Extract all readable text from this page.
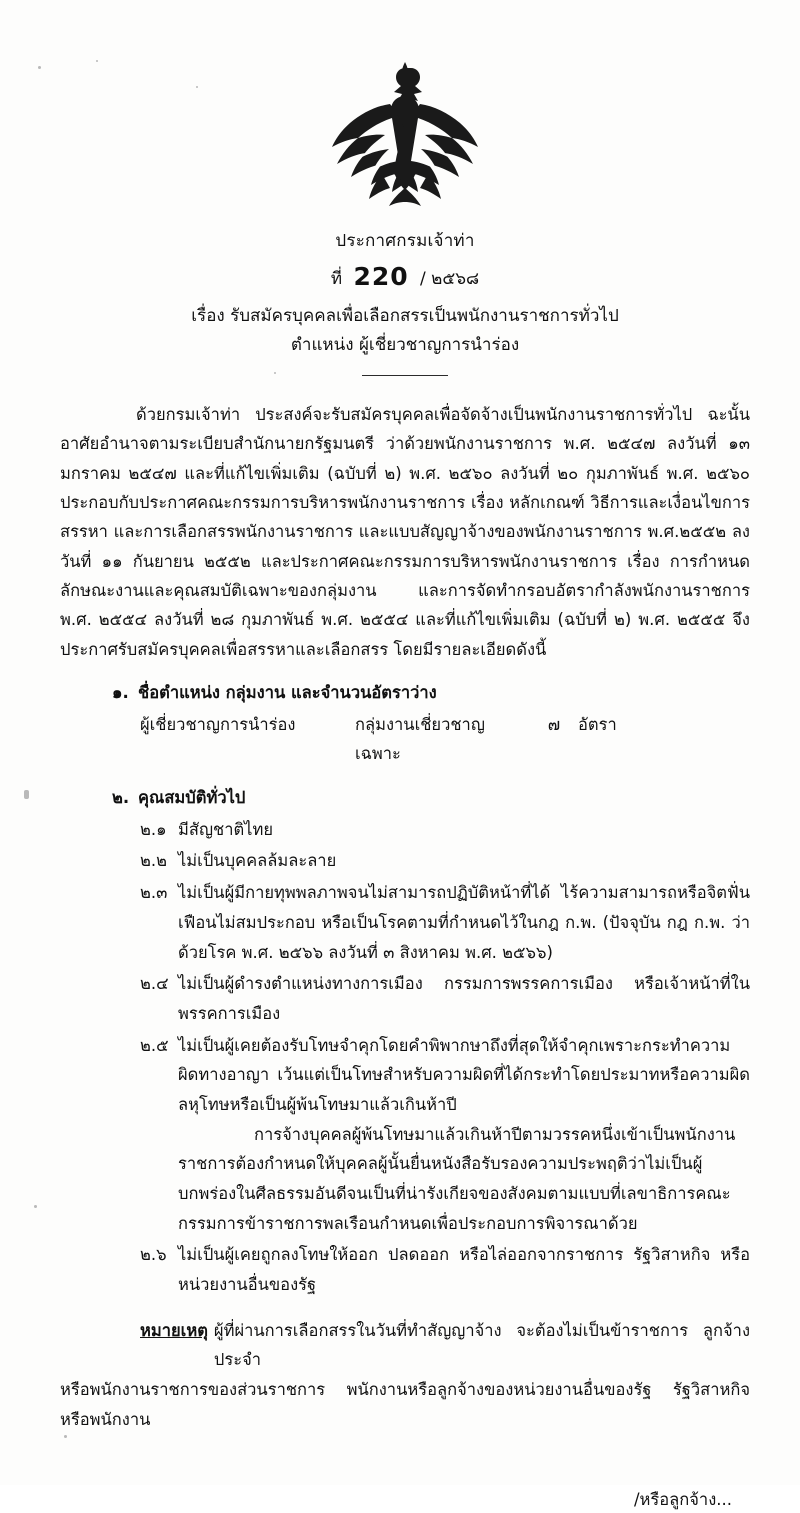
ประกาศกรมเจ้าท่า
ที่ 220 / ๒๕๖๘
เรื่อง รับสมัครบุคคลเพื่อเลือกสรรเป็นพนักงานราชการทั่วไป
ตำแหน่ง ผู้เชี่ยวชาญการนำร่อง

ด้วยกรมเจ้าท่า ประสงค์จะรับสมัครบุคคลเพื่อจัดจ้างเป็นพนักงานราชการทั่วไป ฉะนั้น อาศัยอำนาจตามระเบียบสำนักนายกรัฐมนตรี ว่าด้วยพนักงานราชการ พ.ศ. ๒๕๔๗ ลงวันที่ ๑๓ มกราคม ๒๕๔๗ และที่แก้ไขเพิ่มเติม (ฉบับที่ ๒) พ.ศ. ๒๕๖๐ ลงวันที่ ๒๐ กุมภาพันธ์ พ.ศ. ๒๕๖๐ ประกอบกับประกาศคณะกรรมการบริหารพนักงานราชการ เรื่อง หลักเกณฑ์ วิธีการและเงื่อนไขการสรรหา และการเลือกสรรพนักงานราชการ และแบบสัญญาจ้างของพนักงานราชการ พ.ศ.๒๕๕๒ ลงวันที่ ๑๑ กันยายน ๒๕๕๒ และประกาศคณะกรรมการบริหารพนักงานราชการ เรื่อง การกำหนดลักษณะงานและคุณสมบัติเฉพาะของกลุ่มงาน และการจัดทำกรอบอัตรากำลังพนักงานราชการ พ.ศ. ๒๕๕๔ ลงวันที่ ๒๘ กุมภาพันธ์ พ.ศ. ๒๕๕๔ และที่แก้ไขเพิ่มเติม (ฉบับที่ ๒) พ.ศ. ๒๕๕๕ จึงประกาศรับสมัครบุคคลเพื่อสรรหาและเลือกสรร โดยมีรายละเอียดดังนี้

๑. ชื่อตำแหน่ง กลุ่มงาน และจำนวนอัตราว่าง
ผู้เชี่ยวชาญการนำร่อง	กลุ่มงานเชี่ยวชาญเฉพาะ
๗	อัตรา
๒. คุณสมบัติทั่วไป
๒.๑ มีสัญชาติไทย
๒.๒ ไม่เป็นบุคคลล้มละลาย
๒.๓ ไม่เป็นผู้มีกายทุพพลภาพจนไม่สามารถปฏิบัติหน้าที่ได้ ไร้ความสามารถหรือจิตฟั่นเฟือนไม่สมประกอบ หรือเป็นโรคตามที่กำหนดไว้ในกฎ ก.พ. (ปัจจุบัน กฎ ก.พ. ว่าด้วยโรค พ.ศ. ๒๕๖๖ ลงวันที่ ๓ สิงหาคม พ.ศ. ๒๕๖๖)
๒.๔ ไม่เป็นผู้ดำรงตำแหน่งทางการเมือง กรรมการพรรคการเมือง หรือเจ้าหน้าที่ในพรรคการเมือง
๒.๕ ไม่เป็นผู้เคยต้องรับโทษจำคุกโดยคำพิพากษาถึงที่สุดให้จำคุกเพราะกระทำความผิดทางอาญา เว้นแต่เป็นโทษสำหรับความผิดที่ได้กระทำโดยประมาทหรือความผิดลหุโทษหรือเป็นผู้พ้นโทษมาแล้วเกินห้าปี
การจ้างบุคคลผู้พ้นโทษมาแล้วเกินห้าปีตามวรรคหนึ่งเข้าเป็นพนักงานราชการต้องกำหนดให้บุคคลผู้นั้นยื่นหนังสือรับรองความประพฤติว่าไม่เป็นผู้บกพร่องในศีลธรรมอันดีจนเป็นที่น่ารังเกียจของสังคมตามแบบที่เลขาธิการคณะกรรมการข้าราชการพลเรือนกำหนดเพื่อประกอบการพิจารณาด้วย
๒.๖ ไม่เป็นผู้เคยถูกลงโทษให้ออก ปลดออก หรือไล่ออกจากราชการ รัฐวิสาหกิจ หรือหน่วยงานอื่นของรัฐ
หมายเหตุ ผู้ที่ผ่านการเลือกสรรในวันที่ทำสัญญาจ้าง จะต้องไม่เป็นข้าราชการ ลูกจ้างประจำ
หรือพนักงานราชการของส่วนราชการ พนักงานหรือลูกจ้างของหน่วยงานอื่นของรัฐ รัฐวิสาหกิจ หรือพนักงาน
/หรือลูกจ้าง...
